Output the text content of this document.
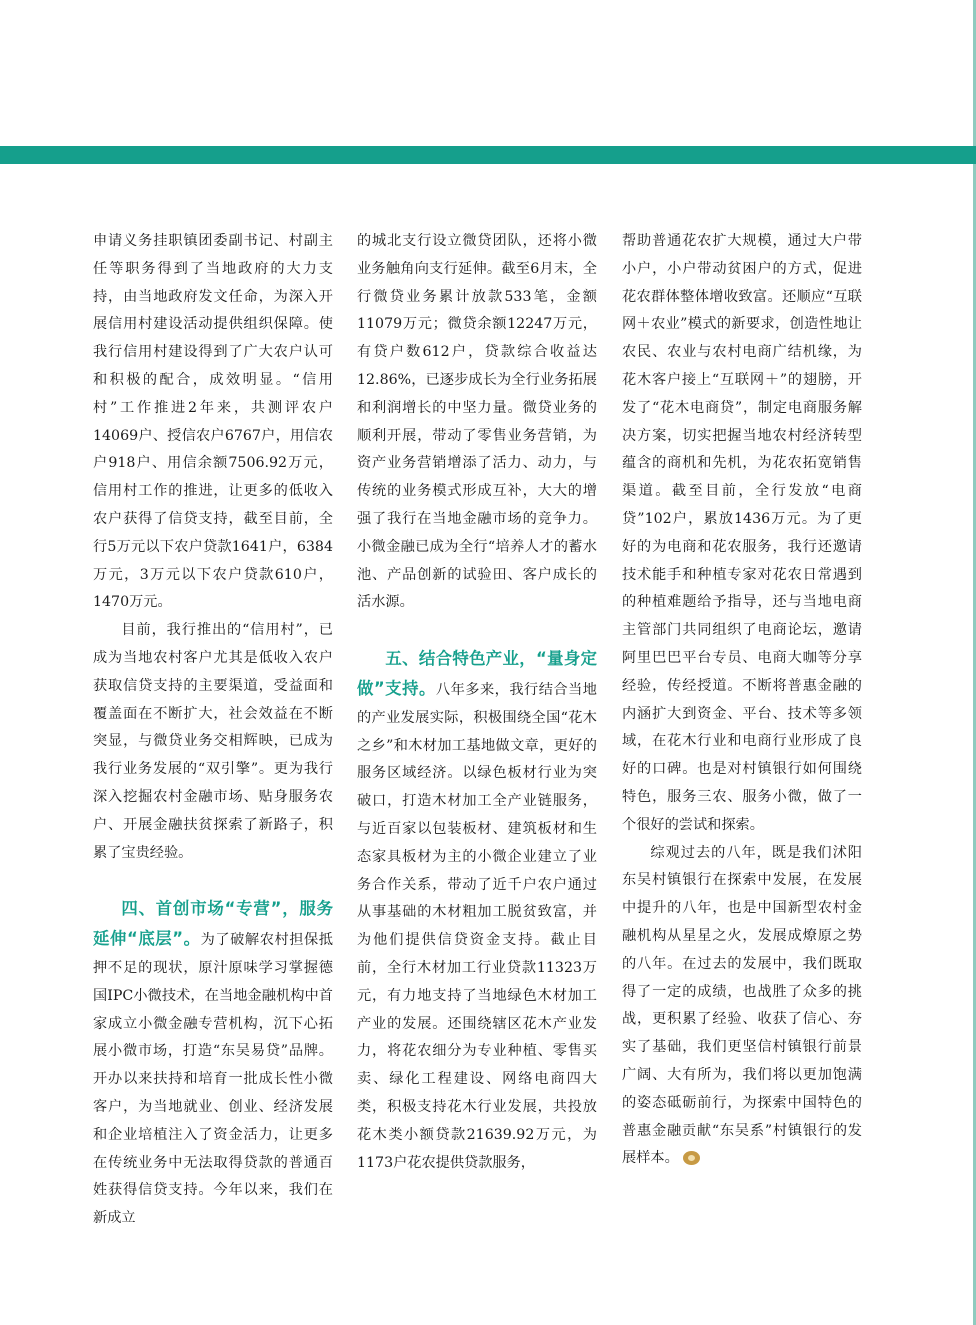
申请义务挂职镇团委副书记、村副主任等职务得到了当地政府的大力支持，由当地政府发文任命，为深入开展信用村建设活动提供组织保障。使我行信用村建设得到了广大农户认可和积极的配合，成效明显。“信用村”工作推进2年来，共测评农户14069户、授信农户6767户，用信农户918户、用信余额7506.92万元，信用村工作的推进，让更多的低收入农户获得了信贷支持，截至目前，全行5万元以下农户贷款1641户，6384万元，3万元以下农户贷款610户，1470万元。

目前，我行推出的“信用村”，已成为当地农村客户尤其是低收入农户获取信贷支持的主要渠道，受益面和覆盖面在不断扩大，社会效益在不断突显，与微贷业务交相辉映，已成为我行业务发展的“双引擎”。更为我行深入挖掘农村金融市场、贴身服务农户、开展金融扶贫探索了新路子，积累了宝贵经验。

四、首创市场“专营”，服务延伸“底层”。为了破解农村担保抵押不足的现状，原汁原味学习掌握德国IPC小微技术，在当地金融机构中首家成立小微金融专营机构，沉下心拓展小微市场，打造“东吴易贷”品牌。开办以来扶持和培育一批成长性小微客户，为当地就业、创业、经济发展和企业培植注入了资金活力，让更多在传统业务中无法取得贷款的普通百姓获得信贷支持。今年以来，我们在新成立

的城北支行设立微贷团队，还将小微业务触角向支行延伸。截至6月末，全行微贷业务累计放款533笔，金额11079万元；微贷余额12247万元，有贷户数612户，贷款综合收益达12.86%，已逐步成长为全行业务拓展和利润增长的中坚力量。微贷业务的顺利开展，带动了零售业务营销，为资产业务营销增添了活力、动力，与传统的业务模式形成互补，大大的增强了我行在当地金融市场的竞争力。小微金融已成为全行“培养人才的蓄水池、产品创新的试验田、客户成长的活水源。

五、结合特色产业，“量身定做”支持。八年多来，我行结合当地的产业发展实际，积极围绕全国“花木之乡”和木材加工基地做文章，更好的服务区域经济。以绿色板材行业为突破口，打造木材加工全产业链服务，与近百家以包装板材、建筑板材和生态家具板材为主的小微企业建立了业务合作关系，带动了近千户农户通过从事基础的木材粗加工脱贫致富，并为他们提供信贷资金支持。截止目前，全行木材加工行业贷款11323万元，有力地支持了当地绿色木材加工产业的发展。还围绕辖区花木产业发力，将花农细分为专业种植、零售买卖、绿化工程建设、网络电商四大类，积极支持花木行业发展，共投放花木类小额贷款21639.92万元，为1173户花农提供贷款服务，

帮助普通花农扩大规模，通过大户带小户，小户带动贫困户的方式，促进花农群体整体增收致富。还顺应“互联网＋农业”模式的新要求，创造性地让农民、农业与农村电商广结机缘，为花木客户接上“互联网＋”的翅膀，开发了“花木电商贷”，制定电商服务解决方案，切实把握当地农村经济转型蕴含的商机和先机，为花农拓宽销售渠道。截至目前，全行发放“电商贷”102户，累放1436万元。为了更好的为电商和花农服务，我行还邀请技术能手和种植专家对花农日常遇到的种植难题给予指导，还与当地电商主管部门共同组织了电商论坛，邀请阿里巴巴平台专员、电商大咖等分享经验，传经授道。不断将普惠金融的内涵扩大到资金、平台、技术等多领域，在花木行业和电商行业形成了良好的口碑。也是对村镇银行如何围绕特色，服务三农、服务小微，做了一个很好的尝试和探索。

综观过去的八年，既是我们沭阳东吴村镇银行在探索中发展，在发展中提升的八年，也是中国新型农村金融机构从星星之火，发展成燎原之势的八年。在过去的发展中，我们既取得了一定的成绩，也战胜了众多的挑战，更积累了经验、收获了信心、夯实了基础，我们更坚信村镇银行前景广阔、大有所为，我们将以更加饱满的姿态砥砺前行，为探索中国特色的普惠金融贡献“东吴系”村镇银行的发展样本。
